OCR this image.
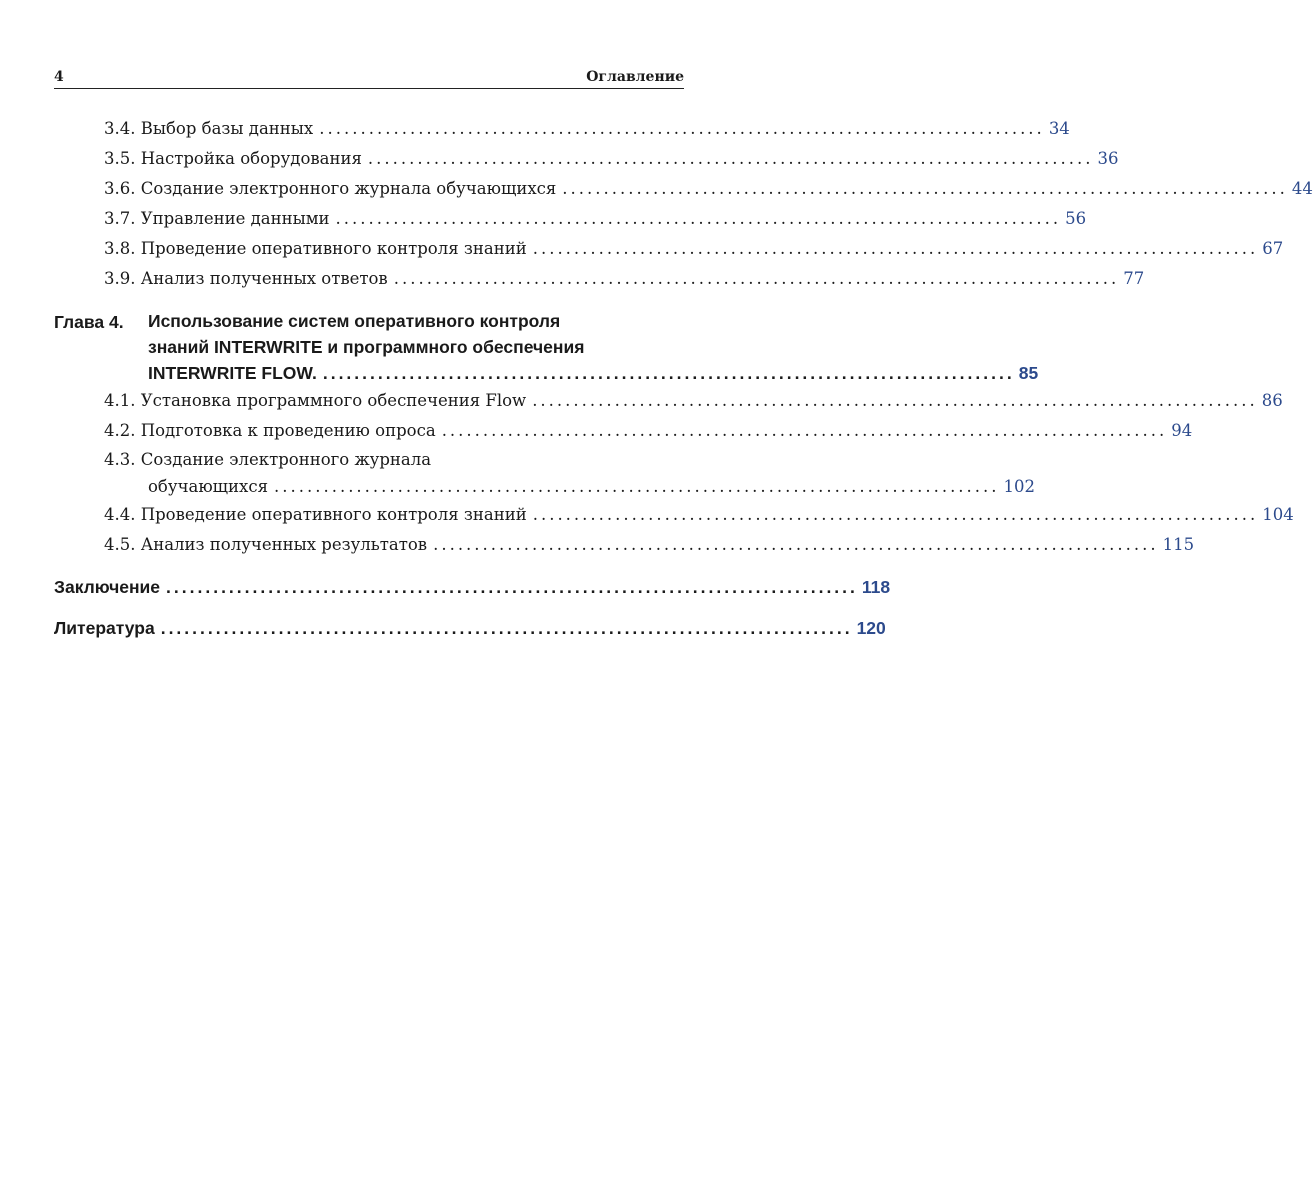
4	Оглавление
3.4. Выбор базы данных ........................................................................................ 34
3.5. Настройка оборудования ........................................................................................ 36
3.6. Создание электронного журнала обучающихся ........................................................................................ 44
3.7. Управление данными ........................................................................................ 56
3.8. Проведение оперативного контроля знаний ........................................................................................ 67
3.9. Анализ полученных ответов ........................................................................................ 77
Глава 4.	Использование систем оперативного контроля
знаний INTERWRITE и программного обеспечения
INTERWRITE FLOW. ........................................................................................ 85
4.1. Установка программного обеспечения Flow ........................................................................................ 86
4.2. Подготовка к проведению опроса ........................................................................................ 94
4.3. Создание электронного журнала
обучающихся ........................................................................................ 102
4.4. Проведение оперативного контроля знаний ........................................................................................ 104
4.5. Анализ полученных результатов ........................................................................................ 115
Заключение ........................................................................................ 118
Литература ........................................................................................ 120
